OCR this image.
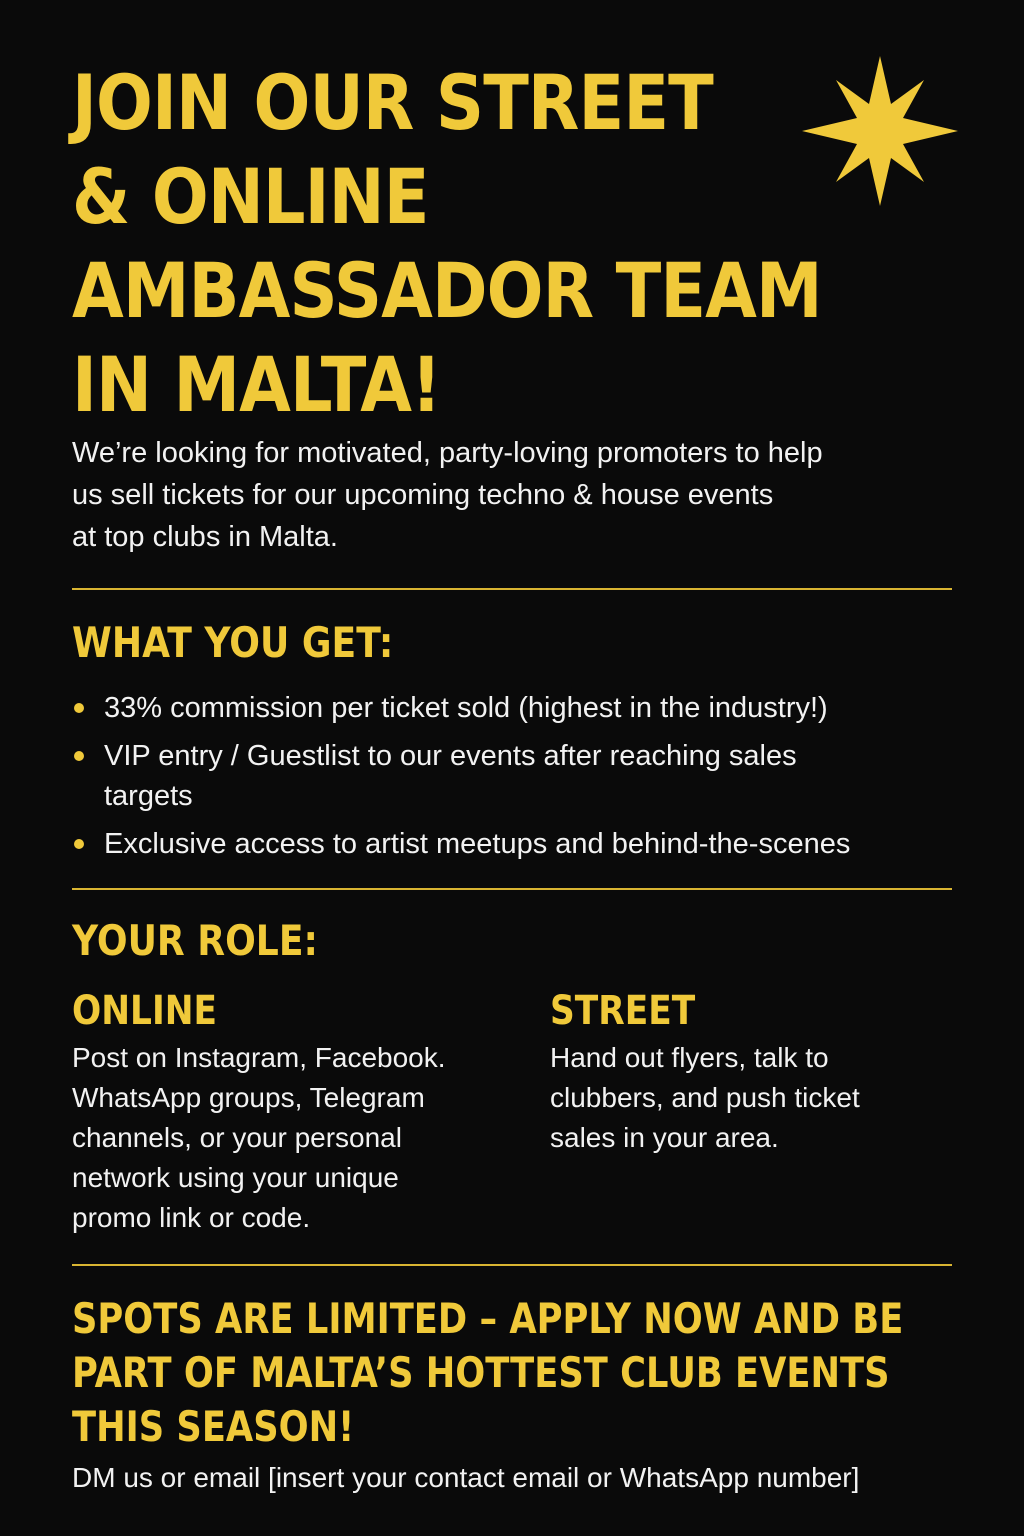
JOIN OUR STREET
& ONLINE
AMBASSADOR TEAM
IN MALTA!

We’re looking for motivated, party-loving promoters to help
us sell tickets for our upcoming techno & house events
at top clubs in Malta.

WHAT YOU GET:
33% commission per ticket sold (highest in the industry!)
VIP entry / Guestlist to our events after reaching sales
targets
Exclusive access to artist meetups and behind-the-scenes
YOUR ROLE:
ONLINE

Post on Instagram, Facebook.
WhatsApp groups, Telegram
channels, or your personal
network using your unique
promo link or code.

STREET

Hand out flyers, talk to
clubbers, and push ticket
sales in your area.

SPOTS ARE LIMITED – APPLY NOW AND BE
PART OF MALTA’S HOTTEST CLUB EVENTS
THIS SEASON!

DM us or email [insert your contact email or WhatsApp number]
